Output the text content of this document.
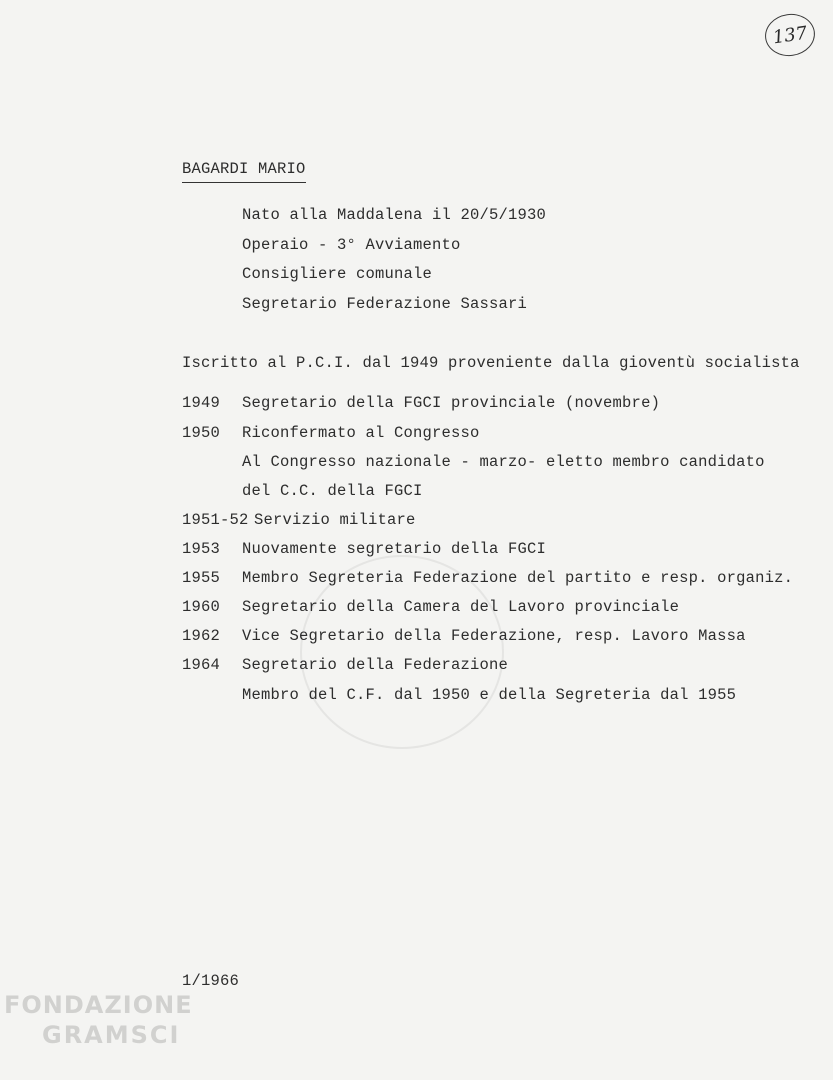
137
BAGARDI MARIO
Nato alla Maddalena il 20/5/1930
Operaio - 3° Avviamento
Consigliere comunale
Segretario Federazione Sassari
Iscritto al P.C.I. dal 1949 proveniente dalla gioventù socialista
1949 Segretario della FGCI provinciale (novembre)
1950 Riconfermato al Congresso
Al Congresso nazionale - marzo- eletto membro candidato
del C.C. della FGCI
1951-52 Servizio militare
1953 Nuovamente segretario della FGCI
1955 Membro Segreteria Federazione del partito e resp. organiz.
1960 Segretario della Camera del Lavoro provinciale
1962 Vice Segretario della Federazione, resp. Lavoro Massa
1964 Segretario della Federazione
Membro del C.F. dal 1950 e della Segreteria dal 1955
1/1966
FONDAZIONE
GRAMSCI
